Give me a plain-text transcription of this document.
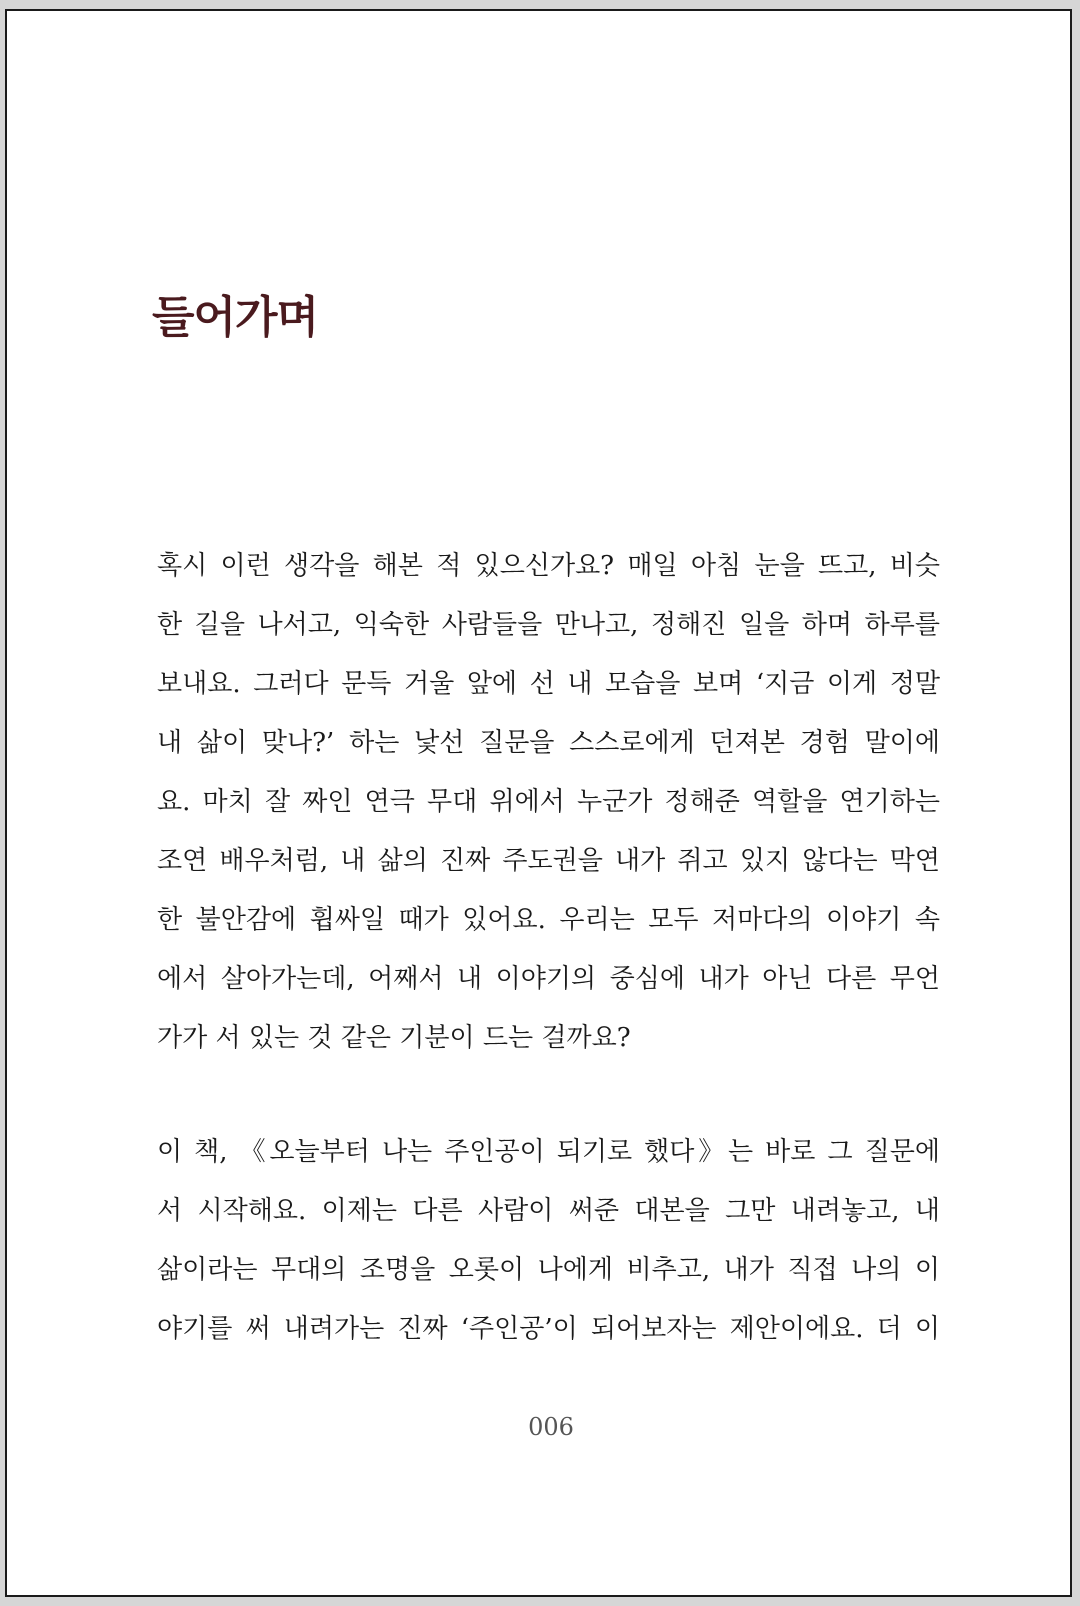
들어가며

혹시 이런 생각을 해본 적 있으신가요? 매일 아침 눈을 뜨고, 비슷

한 길을 나서고, 익숙한 사람들을 만나고, 정해진 일을 하며 하루를

보내요. 그러다 문득 거울 앞에 선 내 모습을 보며 ‘지금 이게 정말

내 삶이 맞나?’ 하는 낯선 질문을 스스로에게 던져본 경험 말이에

요. 마치 잘 짜인 연극 무대 위에서 누군가 정해준 역할을 연기하는

조연 배우처럼, 내 삶의 진짜 주도권을 내가 쥐고 있지 않다는 막연

한 불안감에 휩싸일 때가 있어요. 우리는 모두 저마다의 이야기 속

에서 살아가는데, 어째서 내 이야기의 중심에 내가 아닌 다른 무언

가가 서 있는 것 같은 기분이 드는 걸까요?

이 책, 《오늘부터 나는 주인공이 되기로 했다》는 바로 그 질문에

서 시작해요. 이제는 다른 사람이 써준 대본을 그만 내려놓고, 내

삶이라는 무대의 조명을 오롯이 나에게 비추고, 내가 직접 나의 이

야기를 써 내려가는 진짜 ‘주인공’이 되어보자는 제안이에요. 더 이

006
